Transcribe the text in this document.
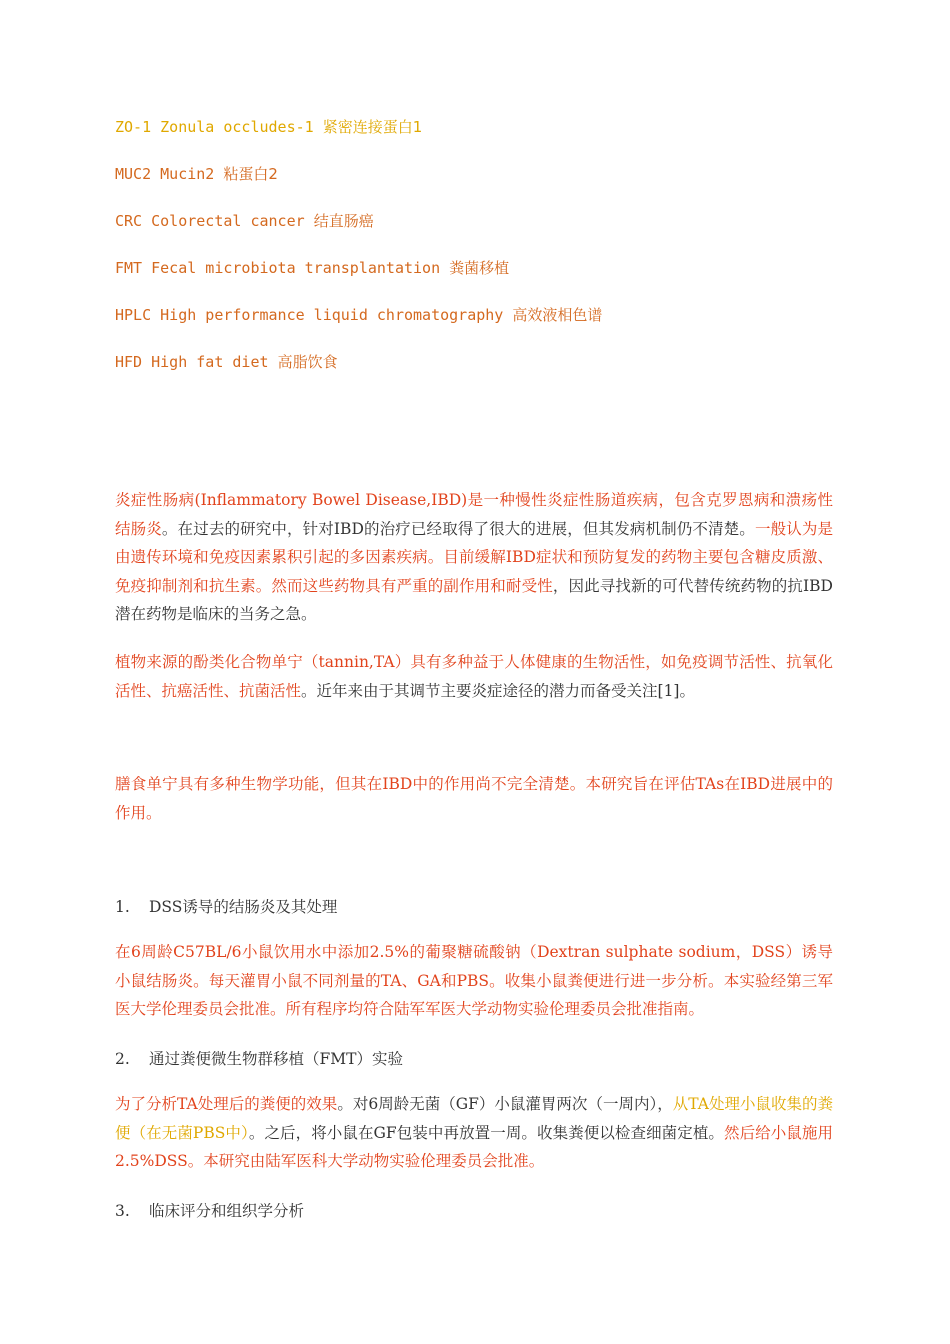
ZO-1 Zonula occludes-1 紧密连接蛋白1
MUC2 Mucin2 粘蛋白2
CRC Colorectal cancer 结直肠癌
FMT Fecal microbiota transplantation 粪菌移植
HPLC High performance liquid chromatography 高效液相色谱
HFD High fat diet 高脂饮食

炎症性肠病(Inflammatory Bowel Disease,IBD)是一种慢性炎症性肠道疾病，包含克罗恩病和溃疡性结肠炎。在过去的研究中，针对IBD的治疗已经取得了很大的进展，但其发病机制仍不清楚。一般认为是由遗传环境和免疫因素累积引起的多因素疾病。目前缓解IBD症状和预防复发的药物主要包含糖皮质激、免疫抑制剂和抗生素。然而这些药物具有严重的副作用和耐受性，因此寻找新的可代替传统药物的抗IBD潜在药物是临床的当务之急。

植物来源的酚类化合物单宁（tannin,TA）具有多种益于人体健康的生物活性，如免疫调节活性、抗氧化活性、抗癌活性、抗菌活性。近年来由于其调节主要炎症途径的潜力而备受关注[1]。

膳食单宁具有多种生物学功能，但其在IBD中的作用尚不完全清楚。本研究旨在评估TAs在IBD进展中的作用。

1. DSS诱导的结肠炎及其处理

在6周龄C57BL/6小鼠饮用水中添加2.5%的葡聚糖硫酸钠（Dextran sulphate sodium，DSS）诱导小鼠结肠炎。每天灌胃小鼠不同剂量的TA、GA和PBS。收集小鼠粪便进行进一步分析。本实验经第三军医大学伦理委员会批准。所有程序均符合陆军军医大学动物实验伦理委员会批准指南。

2. 通过粪便微生物群移植（FMT）实验

为了分析TA处理后的粪便的效果。对6周龄无菌（GF）小鼠灌胃两次（一周内），从TA处理小鼠收集的粪便（在无菌PBS中）。之后，将小鼠在GF包装中再放置一周。收集粪便以检查细菌定植。然后给小鼠施用2.5%DSS。本研究由陆军医科大学动物实验伦理委员会批准。

3. 临床评分和组织学分析
